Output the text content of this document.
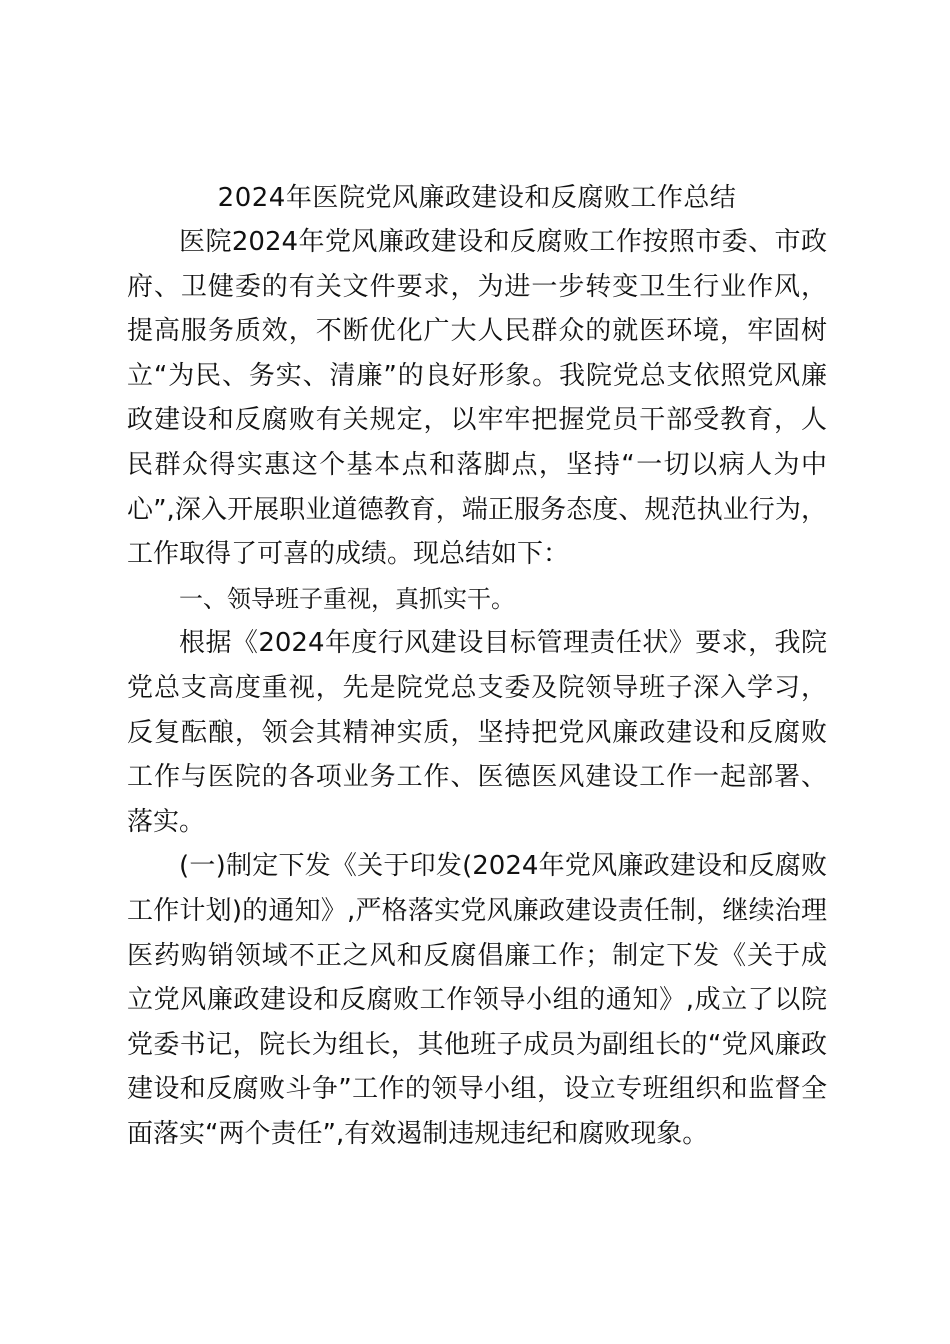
2024年医院党风廉政建设和反腐败工作总结

医院2024年党风廉政建设和反腐败工作按照市委、市政府、卫健委的有关文件要求，为进一步转变卫生行业作风，提高服务质效，不断优化广大人民群众的就医环境，牢固树立“为民、务实、清廉”的良好形象。我院党总支依照党风廉政建设和反腐败有关规定，以牢牢把握党员干部受教育，人民群众得实惠这个基本点和落脚点，坚持“一切以病人为中心”,深入开展职业道德教育，端正服务态度、规范执业行为，工作取得了可喜的成绩。现总结如下：

一、领导班子重视，真抓实干。

根据《2024年度行风建设目标管理责任状》要求，我院党总支高度重视，先是院党总支委及院领导班子深入学习，反复酝酿，领会其精神实质，坚持把党风廉政建设和反腐败工作与医院的各项业务工作、医德医风建设工作一起部署、落实。

(一)制定下发《关于印发(2024年党风廉政建设和反腐败工作计划)的通知》,严格落实党风廉政建设责任制，继续治理医药购销领域不正之风和反腐倡廉工作；制定下发《关于成立党风廉政建设和反腐败工作领导小组的通知》,成立了以院党委书记，院长为组长，其他班子成员为副组长的“党风廉政建设和反腐败斗争”工作的领导小组，设立专班组织和监督全面落实“两个责任”,有效遏制违规违纪和腐败现象。
